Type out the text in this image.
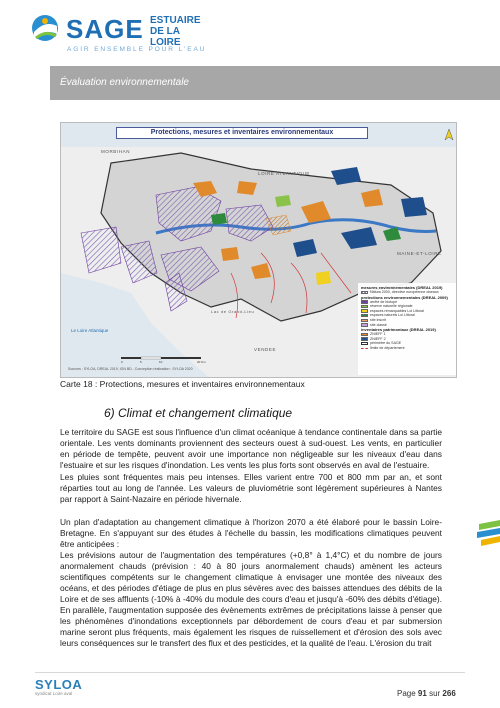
SAGE ESTUAIRE
DE LA LOIRE
AGIR ENSEMBLE POUR L'EAU
Évaluation environnementale
Protections, mesures et inventaires environnementaux
MORBIHAN
LOIRE ATLANTIQUE
MAINE-ET-LOIRE
VENDEE
Le Loire Atlantique
Lac de Grand-Lieu
0	5	10	20 Km
mesures environnementales (DREAL 2019)
Natura 2000, directive européenne oiseaux
protections environnementales (DREAL 2009)
arrêté de biotope
réserve naturelle régionale
espaces remarquables Loi Littoral
espaces naturels Loi Littoral
site inscrit
site classé
inventaires patrimoniaux (DREAL 2019)
ZNIEFF 1
ZNIEFF 2
périmètre du SAGE
limite de département
Sources : SYLOA, DREAL 2019, IGN BD - Conception réalisation : SYLOA 2020
Carte 18 : Protections, mesures et inventaires environnementaux
6) Climat et changement climatique

Le territoire du SAGE est sous l'influence d'un climat océanique à tendance continentale dans sa partie orientale. Les vents dominants proviennent des secteurs ouest à sud-ouest. Les vents, en particulier en période de tempête, peuvent avoir une importance non négligeable sur les niveaux d'eau dans l'estuaire et sur les risques d'inondation. Les vents les plus forts sont observés en aval de l'estuaire.

Les pluies sont fréquentes mais peu intenses. Elles varient entre 700 et 800 mm par an, et sont réparties tout au long de l'année. Les valeurs de pluviométrie sont légèrement supérieures à Nantes par rapport à Saint-Nazaire en période hivernale.

Un plan d'adaptation au changement climatique à l'horizon 2070 a été élaboré pour le bassin Loire-Bretagne. En s'appuyant sur des études à l'échelle du bassin, les modifications climatiques peuvent être anticipées :

Les prévisions autour de l'augmentation des températures (+0,8° à 1,4°C) et du nombre de jours anormalement chauds (prévision : 40 à 80 jours anormalement chauds) amènent les acteurs scientifiques compétents sur le changement climatique à envisager une montée des niveaux des océans, et des périodes d'étiage de plus en plus sévères avec des baisses attendues des débits de la Loire et de ses affluents (-10% à -40% du module des cours d'eau et jusqu'à -60% des débits d'étiage). En parallèle, l'augmentation supposée des évènements extrêmes de précipitations laisse à penser que les phénomènes d'inondations exceptionnels par débordement de cours d'eau et par submersion marine seront plus fréquents, mais également les risques de ruissellement et d'érosion des sols avec leurs conséquences sur le transfert des flux et des pesticides, et la qualité de l'eau. L'érosion du trait

SYLOA
syndicat Loire aval	Page 91 sur 266
